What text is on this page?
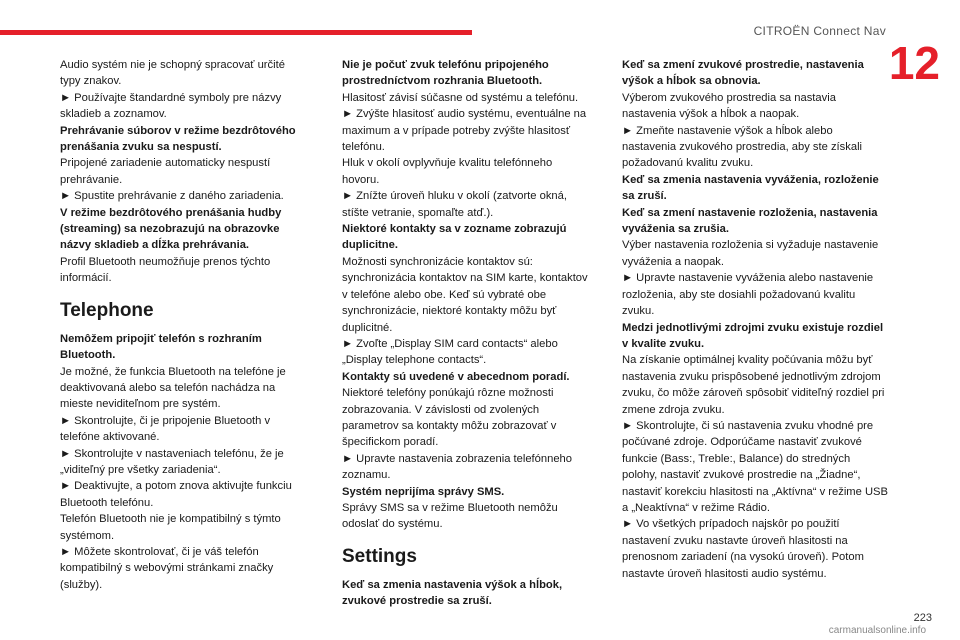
CITROËN Connect Nav
12

Audio systém nie je schopný spracovať určité typy znakov.

► Používajte štandardné symboly pre názvy skladieb a zoznamov.

Prehrávanie súborov v režime bezdrôtového prenášania zvuku sa nespustí.

Pripojené zariadenie automaticky nespustí prehrávanie.

► Spustite prehrávanie z daného zariadenia.

V režime bezdrôtového prenášania hudby (streaming) sa nezobrazujú na obrazovke názvy skladieb a dĺžka prehrávania.

Profil Bluetooth neumožňuje prenos týchto informácií.

Telephone

Nemôžem pripojiť telefón s rozhraním Bluetooth.

Je možné, že funkcia Bluetooth na telefóne je deaktivovaná alebo sa telefón nachádza na mieste neviditeľnom pre systém.

► Skontrolujte, či je pripojenie Bluetooth v telefóne aktivované.

► Skontrolujte v nastaveniach telefónu, že je „viditeľný pre všetky zariadenia“.

► Deaktivujte, a potom znova aktivujte funkciu Bluetooth telefónu.

Telefón Bluetooth nie je kompatibilný s týmto systémom.

► Môžete skontrolovať, či je váš telefón kompatibilný s webovými stránkami značky (služby).

Nie je počuť zvuk telefónu pripojeného prostredníctvom rozhrania Bluetooth.

Hlasitosť závisí súčasne od systému a telefónu.

► Zvýšte hlasitosť audio systému, eventuálne na maximum a v prípade potreby zvýšte hlasitosť telefónu.

Hluk v okolí ovplyvňuje kvalitu telefónneho hovoru.

► Znížte úroveň hluku v okolí (zatvorte okná, stíšte vetranie, spomaľte atď.).

Niektoré kontakty sa v zozname zobrazujú duplicitne.

Možnosti synchronizácie kontaktov sú: synchronizácia kontaktov na SIM karte, kontaktov v telefóne alebo obe. Keď sú vybraté obe synchronizácie, niektoré kontakty môžu byť duplicitné.

► Zvoľte „Display SIM card contacts“ alebo „Display telephone contacts“.

Kontakty sú uvedené v abecednom poradí.

Niektoré telefóny ponúkajú rôzne možnosti zobrazovania. V závislosti od zvolených parametrov sa kontakty môžu zobrazovať v špecifickom poradí.

► Upravte nastavenia zobrazenia telefónneho zoznamu.

Systém neprijíma správy SMS.

Správy SMS sa v režime Bluetooth nemôžu odoslať do systému.

Settings

Keď sa zmenia nastavenia výšok a hĺbok, zvukové prostredie sa zruší.

Keď sa zmení zvukové prostredie, nastavenia výšok a hĺbok sa obnovia.

Výberom zvukového prostredia sa nastavia nastavenia výšok a hĺbok a naopak.

► Zmeňte nastavenie výšok a hĺbok alebo nastavenia zvukového prostredia, aby ste získali požadovanú kvalitu zvuku.

Keď sa zmenia nastavenia vyváženia, rozloženie sa zruší.

Keď sa zmení nastavenie rozloženia, nastavenia vyváženia sa zrušia.

Výber nastavenia rozloženia si vyžaduje nastavenie vyváženia a naopak.

► Upravte nastavenie vyváženia alebo nastavenie rozloženia, aby ste dosiahli požadovanú kvalitu zvuku.

Medzi jednotlivými zdrojmi zvuku existuje rozdiel v kvalite zvuku.

Na získanie optimálnej kvality počúvania môžu byť nastavenia zvuku prispôsobené jednotlivým zdrojom zvuku, čo môže zároveň spôsobiť viditeľný rozdiel pri zmene zdroja zvuku.

► Skontrolujte, či sú nastavenia zvuku vhodné pre počúvané zdroje. Odporúčame nastaviť zvukové funkcie (Bass:, Treble:, Balance) do stredných polohy, nastaviť zvukové prostredie na „Žiadne“, nastaviť korekciu hlasitosti na „Aktívna“ v režime USB a „Neaktívna“ v režime Rádio.

► Vo všetkých prípadoch najskôr po použití nastavení zvuku nastavte úroveň hlasitosti na prenosnom zariadení (na vysokú úroveň). Potom nastavte úroveň hlasitosti audio systému.

223
carmanualsonline.info
